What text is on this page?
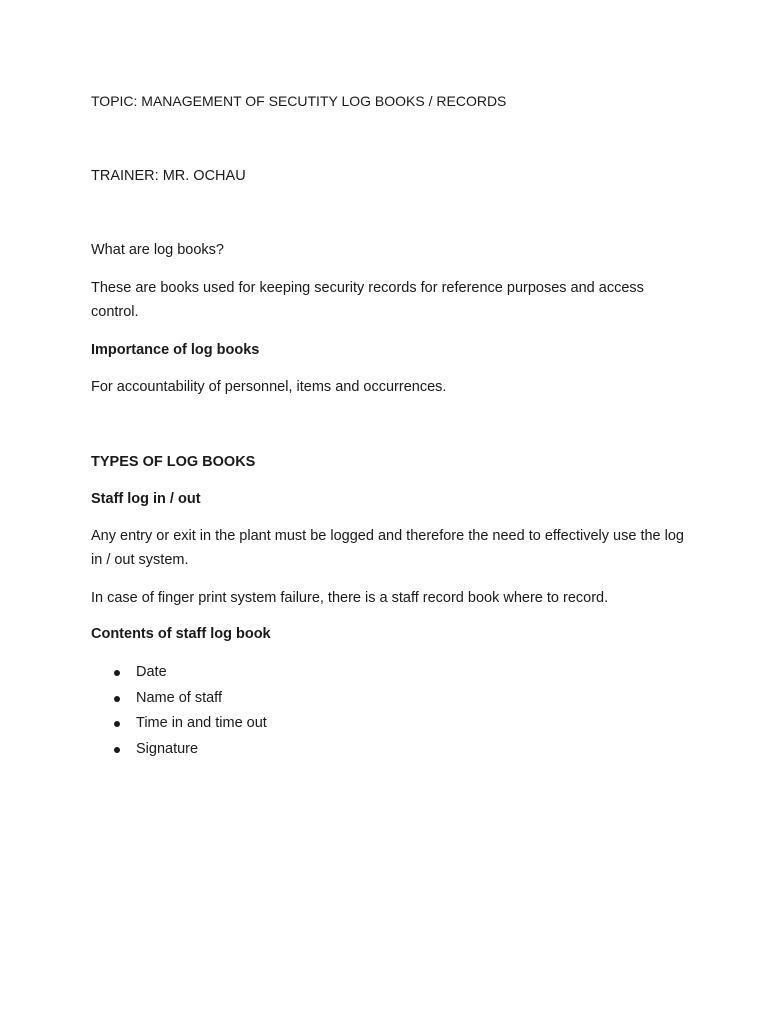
TOPIC: MANAGEMENT OF SECUTITY LOG BOOKS / RECORDS
TRAINER: MR. OCHAU
What are log books?
These are books used for keeping security records for reference purposes and access control.
Importance of log books
For accountability of personnel, items and occurrences.
TYPES OF LOG BOOKS
Staff log in / out
Any entry or exit in the plant must be logged and therefore the need to effectively use the log in / out system.
In case of finger print system failure, there is a staff record book where to record.
Contents of staff log book
Date
Name of staff
Time in and time out
Signature
